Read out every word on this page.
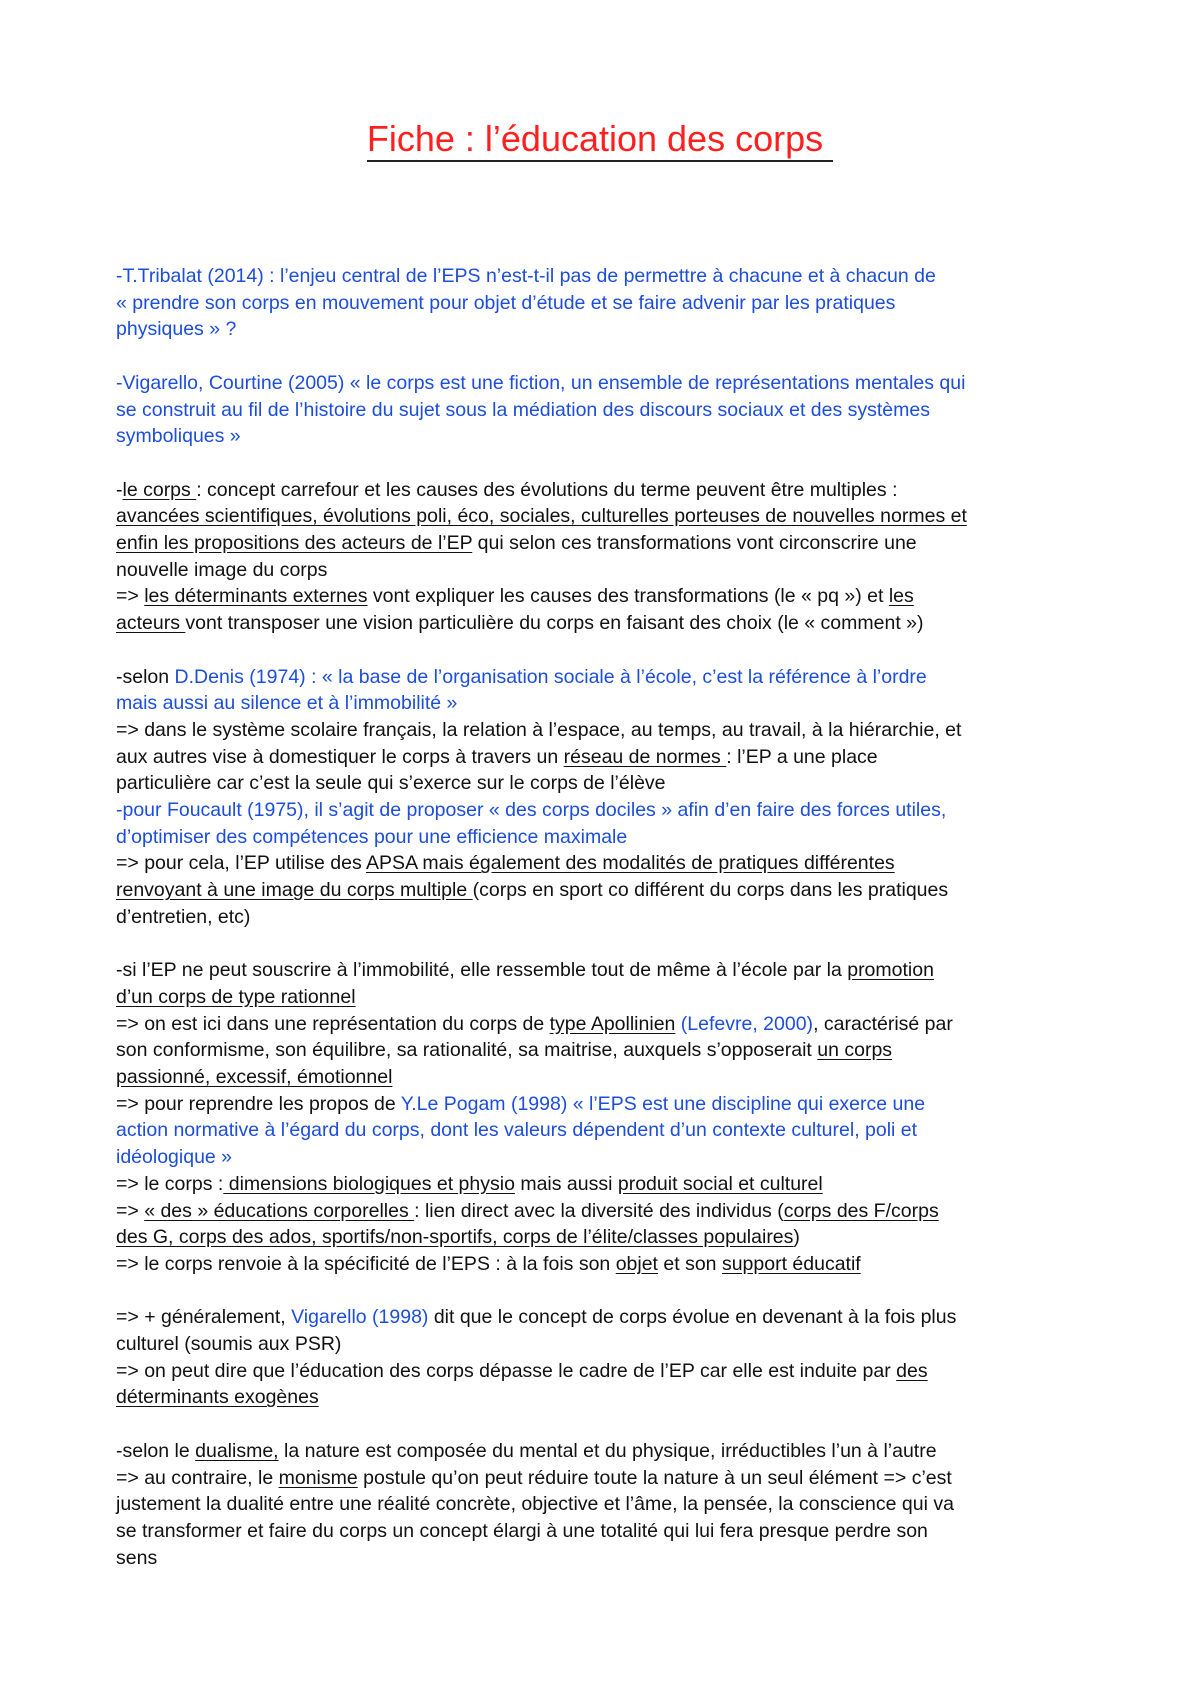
Fiche : l’éducation des corps

-T.Tribalat (2014) : l’enjeu central de l’EPS n’est-t-il pas de permettre à chacune et à chacun de

« prendre son corps en mouvement pour objet d’étude et se faire advenir par les pratiques

physiques » ?

-Vigarello, Courtine (2005) « le corps est une fiction, un ensemble de représentations mentales qui

se construit au fil de l’histoire du sujet sous la médiation des discours sociaux et des systèmes

symboliques »

-le corps : concept carrefour et les causes des évolutions du terme peuvent être multiples :

avancées scientifiques, évolutions poli, éco, sociales, culturelles porteuses de nouvelles normes et

enfin les propositions des acteurs de l’EP qui selon ces transformations vont circonscrire une

nouvelle image du corps

=> les déterminants externes vont expliquer les causes des transformations (le « pq ») et les

acteurs vont transposer une vision particulière du corps en faisant des choix (le « comment »)

-selon D.Denis (1974) : « la base de l’organisation sociale à l’école, c’est la référence à l’ordre

mais aussi au silence et à l’immobilité »

=> dans le système scolaire français, la relation à l’espace, au temps, au travail, à la hiérarchie, et

aux autres vise à domestiquer le corps à travers un réseau de normes : l’EP a une place

particulière car c’est la seule qui s’exerce sur le corps de l’élève

-pour Foucault (1975), il s’agit de proposer « des corps dociles » afin d’en faire des forces utiles,

d’optimiser des compétences pour une efficience maximale

=> pour cela, l’EP utilise des APSA mais également des modalités de pratiques différentes

renvoyant à une image du corps multiple (corps en sport co différent du corps dans les pratiques

d’entretien, etc)

-si l’EP ne peut souscrire à l’immobilité, elle ressemble tout de même à l’école par la promotion

d’un corps de type rationnel

=> on est ici dans une représentation du corps de type Apollinien (Lefevre, 2000), caractérisé par

son conformisme, son équilibre, sa rationalité, sa maitrise, auxquels s’opposerait un corps

passionné, excessif, émotionnel

=> pour reprendre les propos de Y.Le Pogam (1998) « l’EPS est une discipline qui exerce une

action normative à l’égard du corps, dont les valeurs dépendent d’un contexte culturel, poli et

idéologique »

=> le corps : dimensions biologiques et physio mais aussi produit social et culturel

=> « des » éducations corporelles : lien direct avec la diversité des individus (corps des F/corps

des G, corps des ados, sportifs/non-sportifs, corps de l’élite/classes populaires)

=> le corps renvoie à la spécificité de l’EPS : à la fois son objet et son support éducatif

=> + généralement, Vigarello (1998) dit que le concept de corps évolue en devenant à la fois plus

culturel (soumis aux PSR)

=> on peut dire que l’éducation des corps dépasse le cadre de l’EP car elle est induite par des

déterminants exogènes

-selon le dualisme, la nature est composée du mental et du physique, irréductibles l’un à l’autre

=> au contraire, le monisme postule qu’on peut réduire toute la nature à un seul élément => c’est

justement la dualité entre une réalité concrète, objective et l’âme, la pensée, la conscience qui va

se transformer et faire du corps un concept élargi à une totalité qui lui fera presque perdre son

sens
